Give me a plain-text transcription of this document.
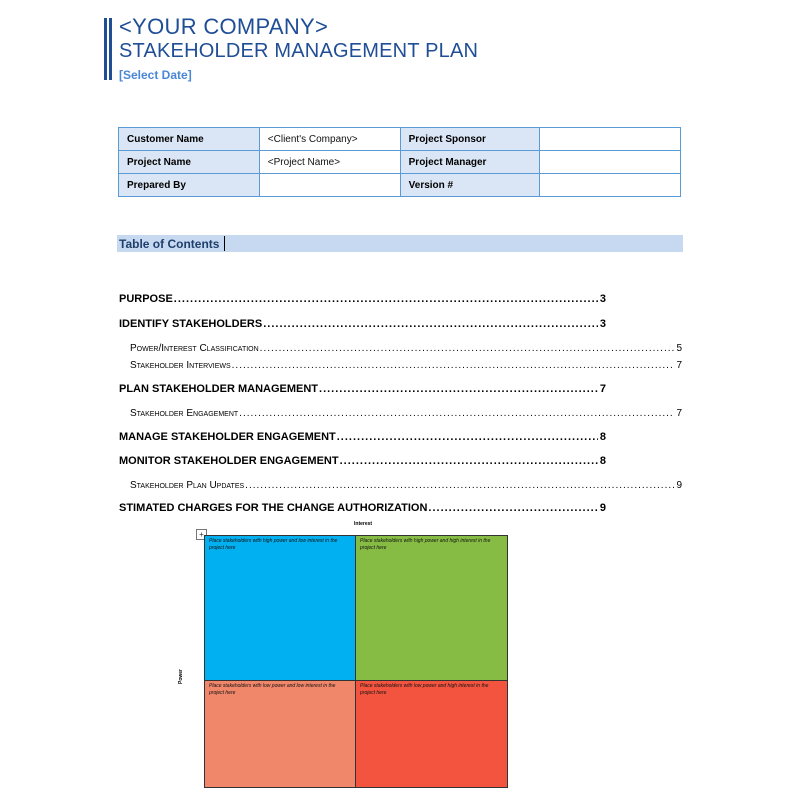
<YOUR COMPANY>
STAKEHOLDER MANAGEMENT PLAN
[Select Date]
Customer Name	<Client's Company>	Project Sponsor	
Project Name	<Project Name>	Project Manager	
Prepared By		Version #	
Table of Contents
PURPOSE .....	3
IDENTIFY STAKEHOLDERS .....	3
Power/Interest Classification .....	5
Stakeholder Interviews .....	7
PLAN STAKEHOLDER MANAGEMENT .....	7
Stakeholder Engagement .....	7
MANAGE STAKEHOLDER ENGAGEMENT .....	8
MONITOR STAKEHOLDER ENGAGEMENT .....	8
Stakeholder Plan Updates .....	9
STIMATED CHARGES FOR THE CHANGE AUTHORIZATION .....	9
+
Interest
Power
Place stakeholders with high power and low interest in the project here
Place stakeholders with high power and high interest in the project here
Place stakeholders with low power and low interest in the project here
Place stakeholders with low power and high interest in the project here
